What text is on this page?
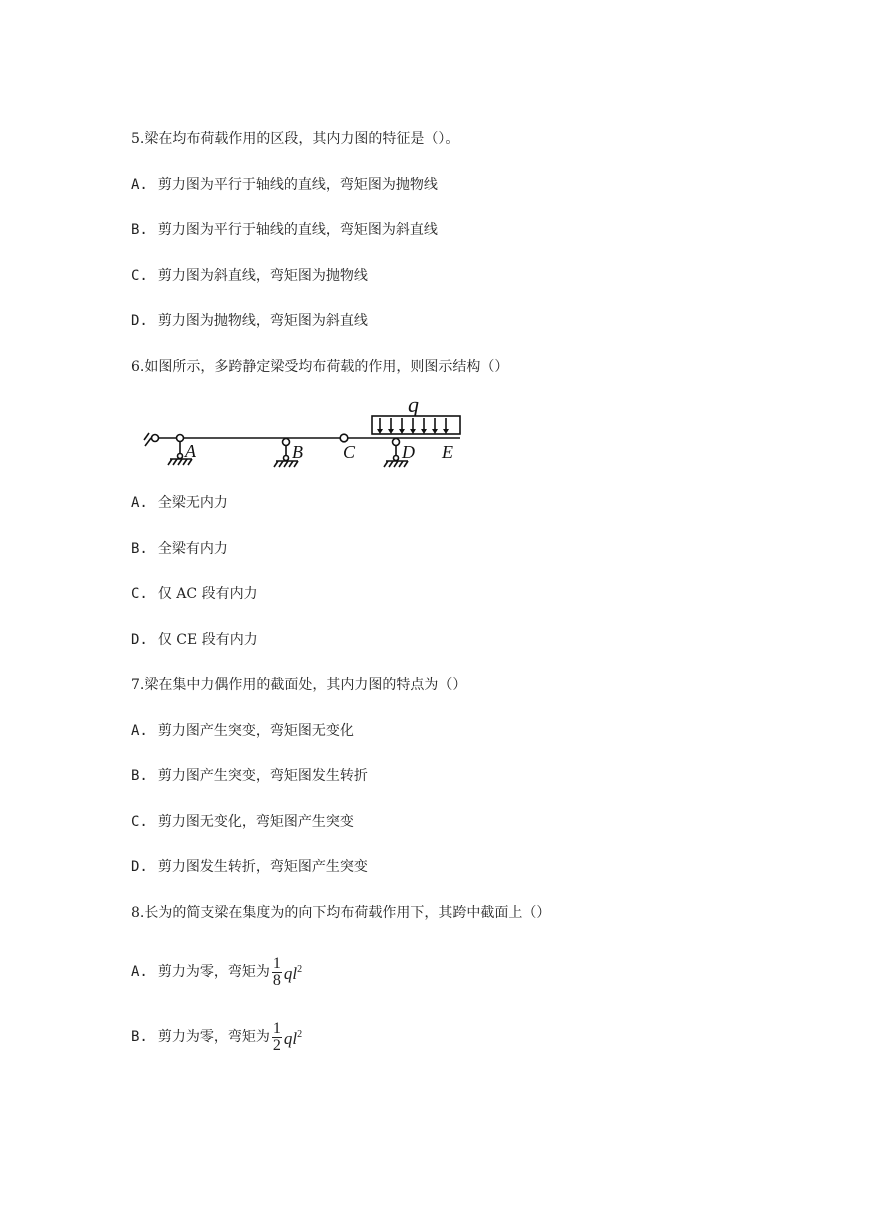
5.梁在均布荷载作用的区段，其内力图的特征是（）。
A. 剪力图为平行于轴线的直线，弯矩图为抛物线
B. 剪力图为平行于轴线的直线，弯矩图为斜直线
C. 剪力图为斜直线，弯矩图为抛物线
D. 剪力图为抛物线，弯矩图为斜直线
6.如图所示，多跨静定梁受均布荷载的作用，则图示结构（）
q
A	B C	D E
A. 全梁无内力
B. 全梁有内力
C. 仅 AC 段有内力
D. 仅 CE 段有内力
7.梁在集中力偶作用的截面处，其内力图的特点为（）
A. 剪力图产生突变，弯矩图无变化
B. 剪力图产生突变，弯矩图发生转折
C. 剪力图无变化，弯矩图产生突变
D. 剪力图发生转折，弯矩图产生突变
8.长为的简支梁在集度为的向下均布荷载作用下，其跨中截面上（）
A. 剪力为零，弯矩为 $\frac{1}{8} ql^2$
B. 剪力为零，弯矩为 $\frac{1}{2} ql^2$
